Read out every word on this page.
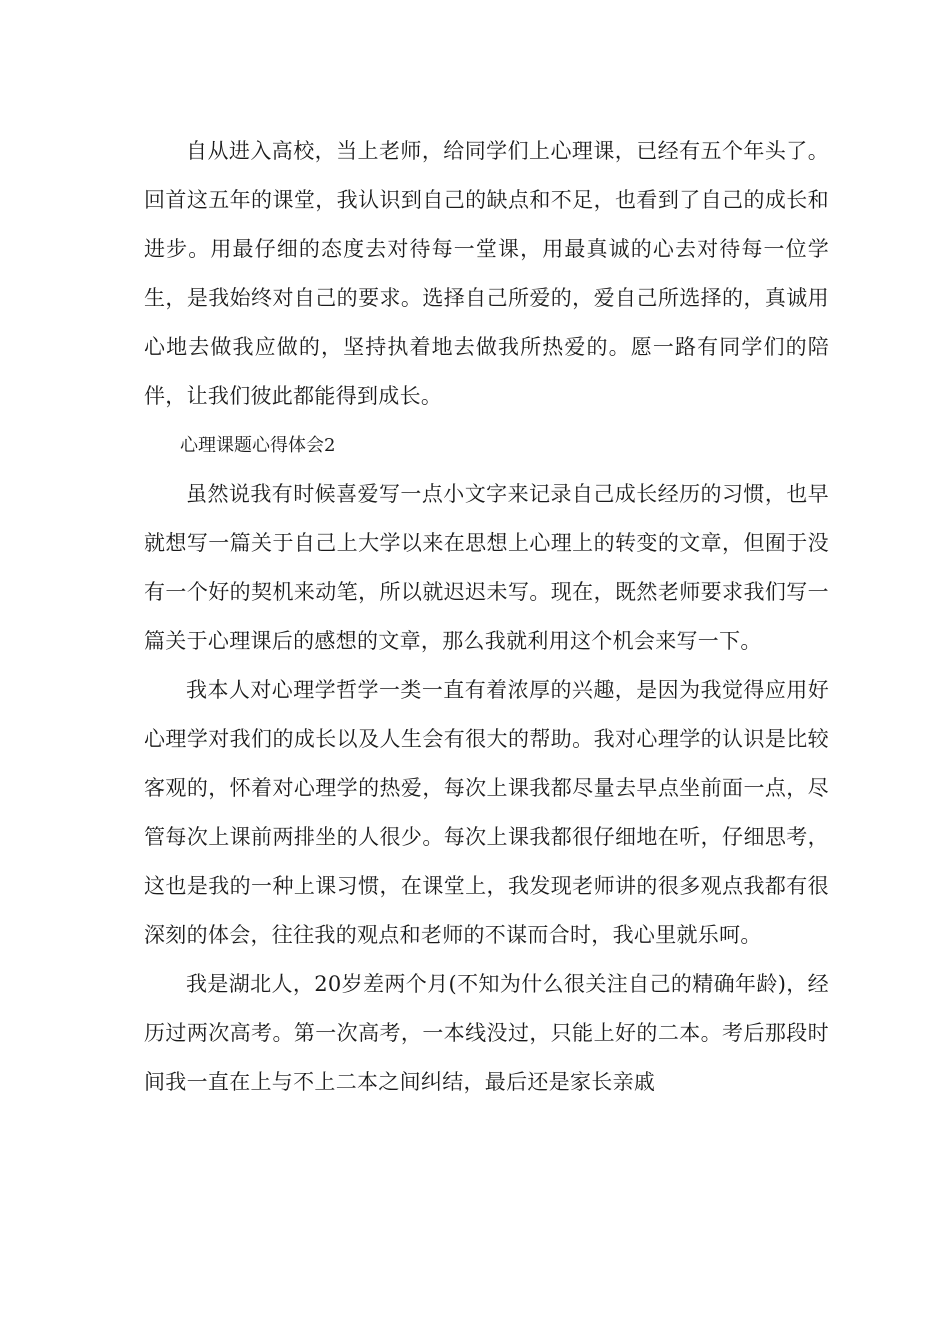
自从进入高校，当上老师，给同学们上心理课，已经有五个年头了。回首这五年的课堂，我认识到自己的缺点和不足，也看到了自己的成长和进步。用最仔细的态度去对待每一堂课，用最真诚的心去对待每一位学生，是我始终对自己的要求。选择自己所爱的，爱自己所选择的，真诚用心地去做我应做的，坚持执着地去做我所热爱的。愿一路有同学们的陪伴，让我们彼此都能得到成长。

心理课题心得体会2

虽然说我有时候喜爱写一点小文字来记录自己成长经历的习惯，也早就想写一篇关于自己上大学以来在思想上心理上的转变的文章，但囿于没有一个好的契机来动笔，所以就迟迟未写。现在，既然老师要求我们写一篇关于心理课后的感想的文章，那么我就利用这个机会来写一下。

我本人对心理学哲学一类一直有着浓厚的兴趣，是因为我觉得应用好心理学对我们的成长以及人生会有很大的帮助。我对心理学的认识是比较客观的，怀着对心理学的热爱，每次上课我都尽量去早点坐前面一点，尽管每次上课前两排坐的人很少。每次上课我都很仔细地在听，仔细思考，这也是我的一种上课习惯，在课堂上，我发现老师讲的很多观点我都有很深刻的体会，往往我的观点和老师的不谋而合时，我心里就乐呵。

我是湖北人，20岁差两个月(不知为什么很关注自己的精确年龄)，经历过两次高考。第一次高考，一本线没过，只能上好的二本。考后那段时间我一直在上与不上二本之间纠结，最后还是家长亲戚
